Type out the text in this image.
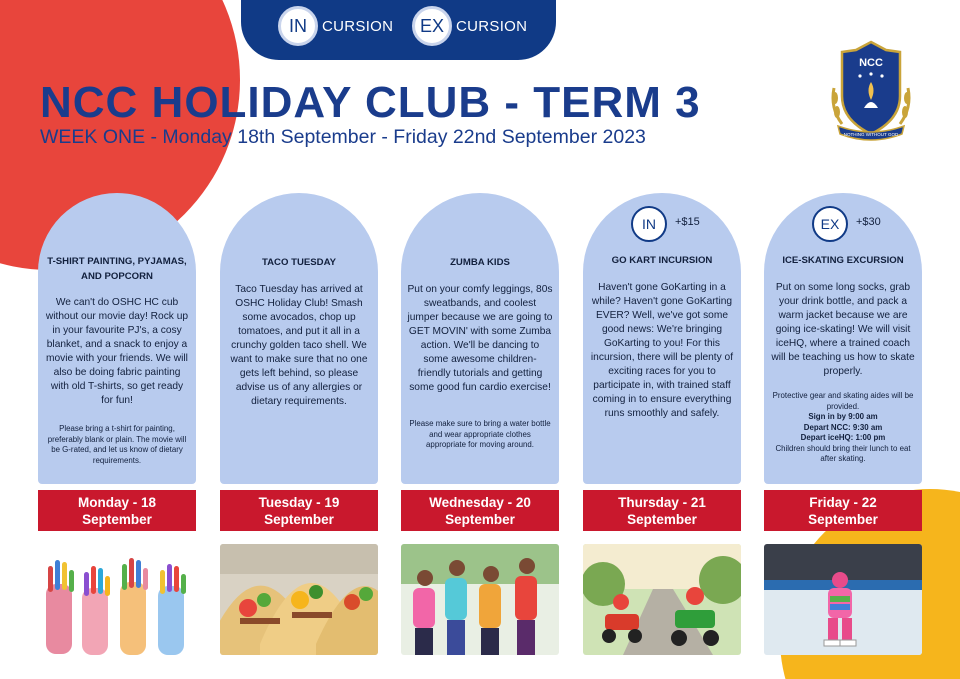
IN	CURSION	EX CURSION
NCC HOLIDAY CLUB - TERM 3
WEEK ONE - Monday 18th September - Friday 22nd September 2023
NCC
NOTHING WITHOUT GOD
T-SHIRT PAINTING, PYJAMAS, AND POPCORN
We can't do OSHC HC cub without our movie day! Rock up in your favourite PJ's, a cosy blanket, and a snack to enjoy a movie with your friends. We will also be doing fabric painting with old T-shirts, so get ready for fun!
Please bring a t-shirt for painting, preferably blank or plain. The movie will be G-rated, and let us know of dietary requirements.
Monday - 18
September
TACO TUESDAY
Taco Tuesday has arrived at OSHC Holiday Club! Smash some avocados, chop up tomatoes, and put it all in a crunchy golden taco shell. We want to make sure that no one gets left behind, so please advise us of any allergies or dietary requirements.
Tuesday - 19
September
ZUMBA KIDS
Put on your comfy leggings, 80s sweatbands, and coolest jumper because we are going to GET MOVIN' with some Zumba action. We'll be dancing to some awesome children-friendly tutorials and getting some good fun cardio exercise!
Please make sure to bring a water bottle and wear appropriate clothes appropriate for moving around.
Wednesday - 20
September
IN	+$15
GO KART INCURSION
Haven't gone GoKarting in a while? Haven't gone GoKarting EVER? Well, we've got some good news: We're bringing GoKarting to you! For this incursion, there will be plenty of exciting races for you to participate in, with trained staff coming in to ensure everything runs smoothly and safely.
Thursday - 21
September
EX	+$30
ICE-SKATING EXCURSION
Put on some long socks, grab your drink bottle, and pack a warm jacket because we are going ice-skating! We will visit iceHQ, where a trained coach will be teaching us how to skate properly.
Protective gear and skating aides will be provided.
Sign in by 9:00 am
Depart NCC: 9:30 am
Depart iceHQ: 1:00 pm
Children should bring their lunch to eat after skating.
Friday - 22
September
